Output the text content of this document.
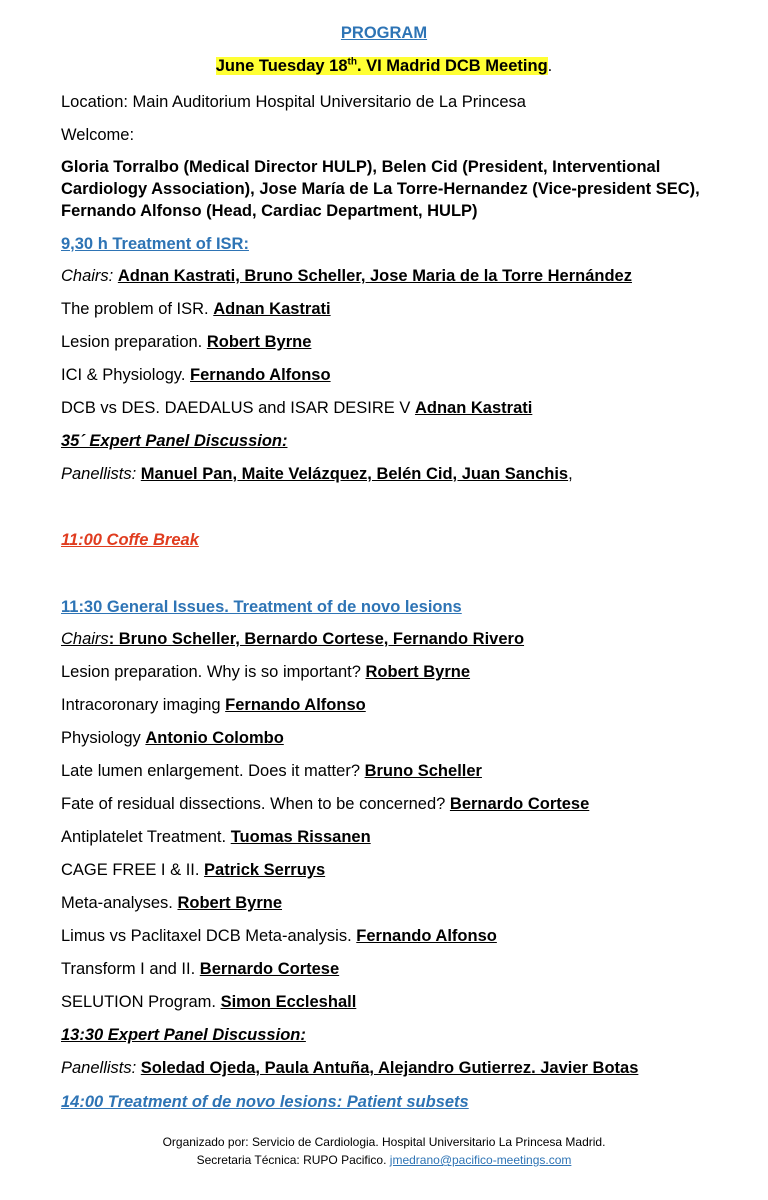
PROGRAM
June Tuesday 18th. VI Madrid DCB Meeting.
Location: Main Auditorium Hospital Universitario de La Princesa
Welcome:
Gloria Torralbo (Medical Director HULP), Belen Cid (President, Interventional Cardiology Association), Jose María de La Torre-Hernandez (Vice-president SEC), Fernando Alfonso (Head, Cardiac Department, HULP)
9,30 h Treatment of ISR:
Chairs: Adnan Kastrati, Bruno Scheller, Jose Maria de la Torre Hernández
The problem of ISR. Adnan Kastrati
Lesion preparation. Robert Byrne
ICI & Physiology. Fernando Alfonso
DCB vs DES. DAEDALUS and ISAR DESIRE V Adnan Kastrati
35´ Expert Panel Discussion:
Panellists: Manuel Pan, Maite Velázquez, Belén Cid, Juan Sanchis,
11:00 Coffe Break
11:30 General Issues. Treatment of de novo lesions
Chairs: Bruno Scheller, Bernardo Cortese, Fernando Rivero
Lesion preparation. Why is so important? Robert Byrne
Intracoronary imaging Fernando Alfonso
Physiology Antonio Colombo
Late lumen enlargement. Does it matter? Bruno Scheller
Fate of residual dissections. When to be concerned? Bernardo Cortese
Antiplatelet Treatment. Tuomas Rissanen
CAGE FREE I & II. Patrick Serruys
Meta-analyses. Robert Byrne
Limus vs Paclitaxel DCB Meta-analysis. Fernando Alfonso
Transform I and II. Bernardo Cortese
SELUTION Program. Simon Eccleshall
13:30 Expert Panel Discussion:
Panellists: Soledad Ojeda, Paula Antuña, Alejandro Gutierrez. Javier Botas
14:00 Treatment of de novo lesions: Patient subsets
Organizado por: Servicio de Cardiologia. Hospital Universitario La Princesa Madrid.
Secretaria Técnica: RUPO Pacifico. jmedrano@pacifico-meetings.com
